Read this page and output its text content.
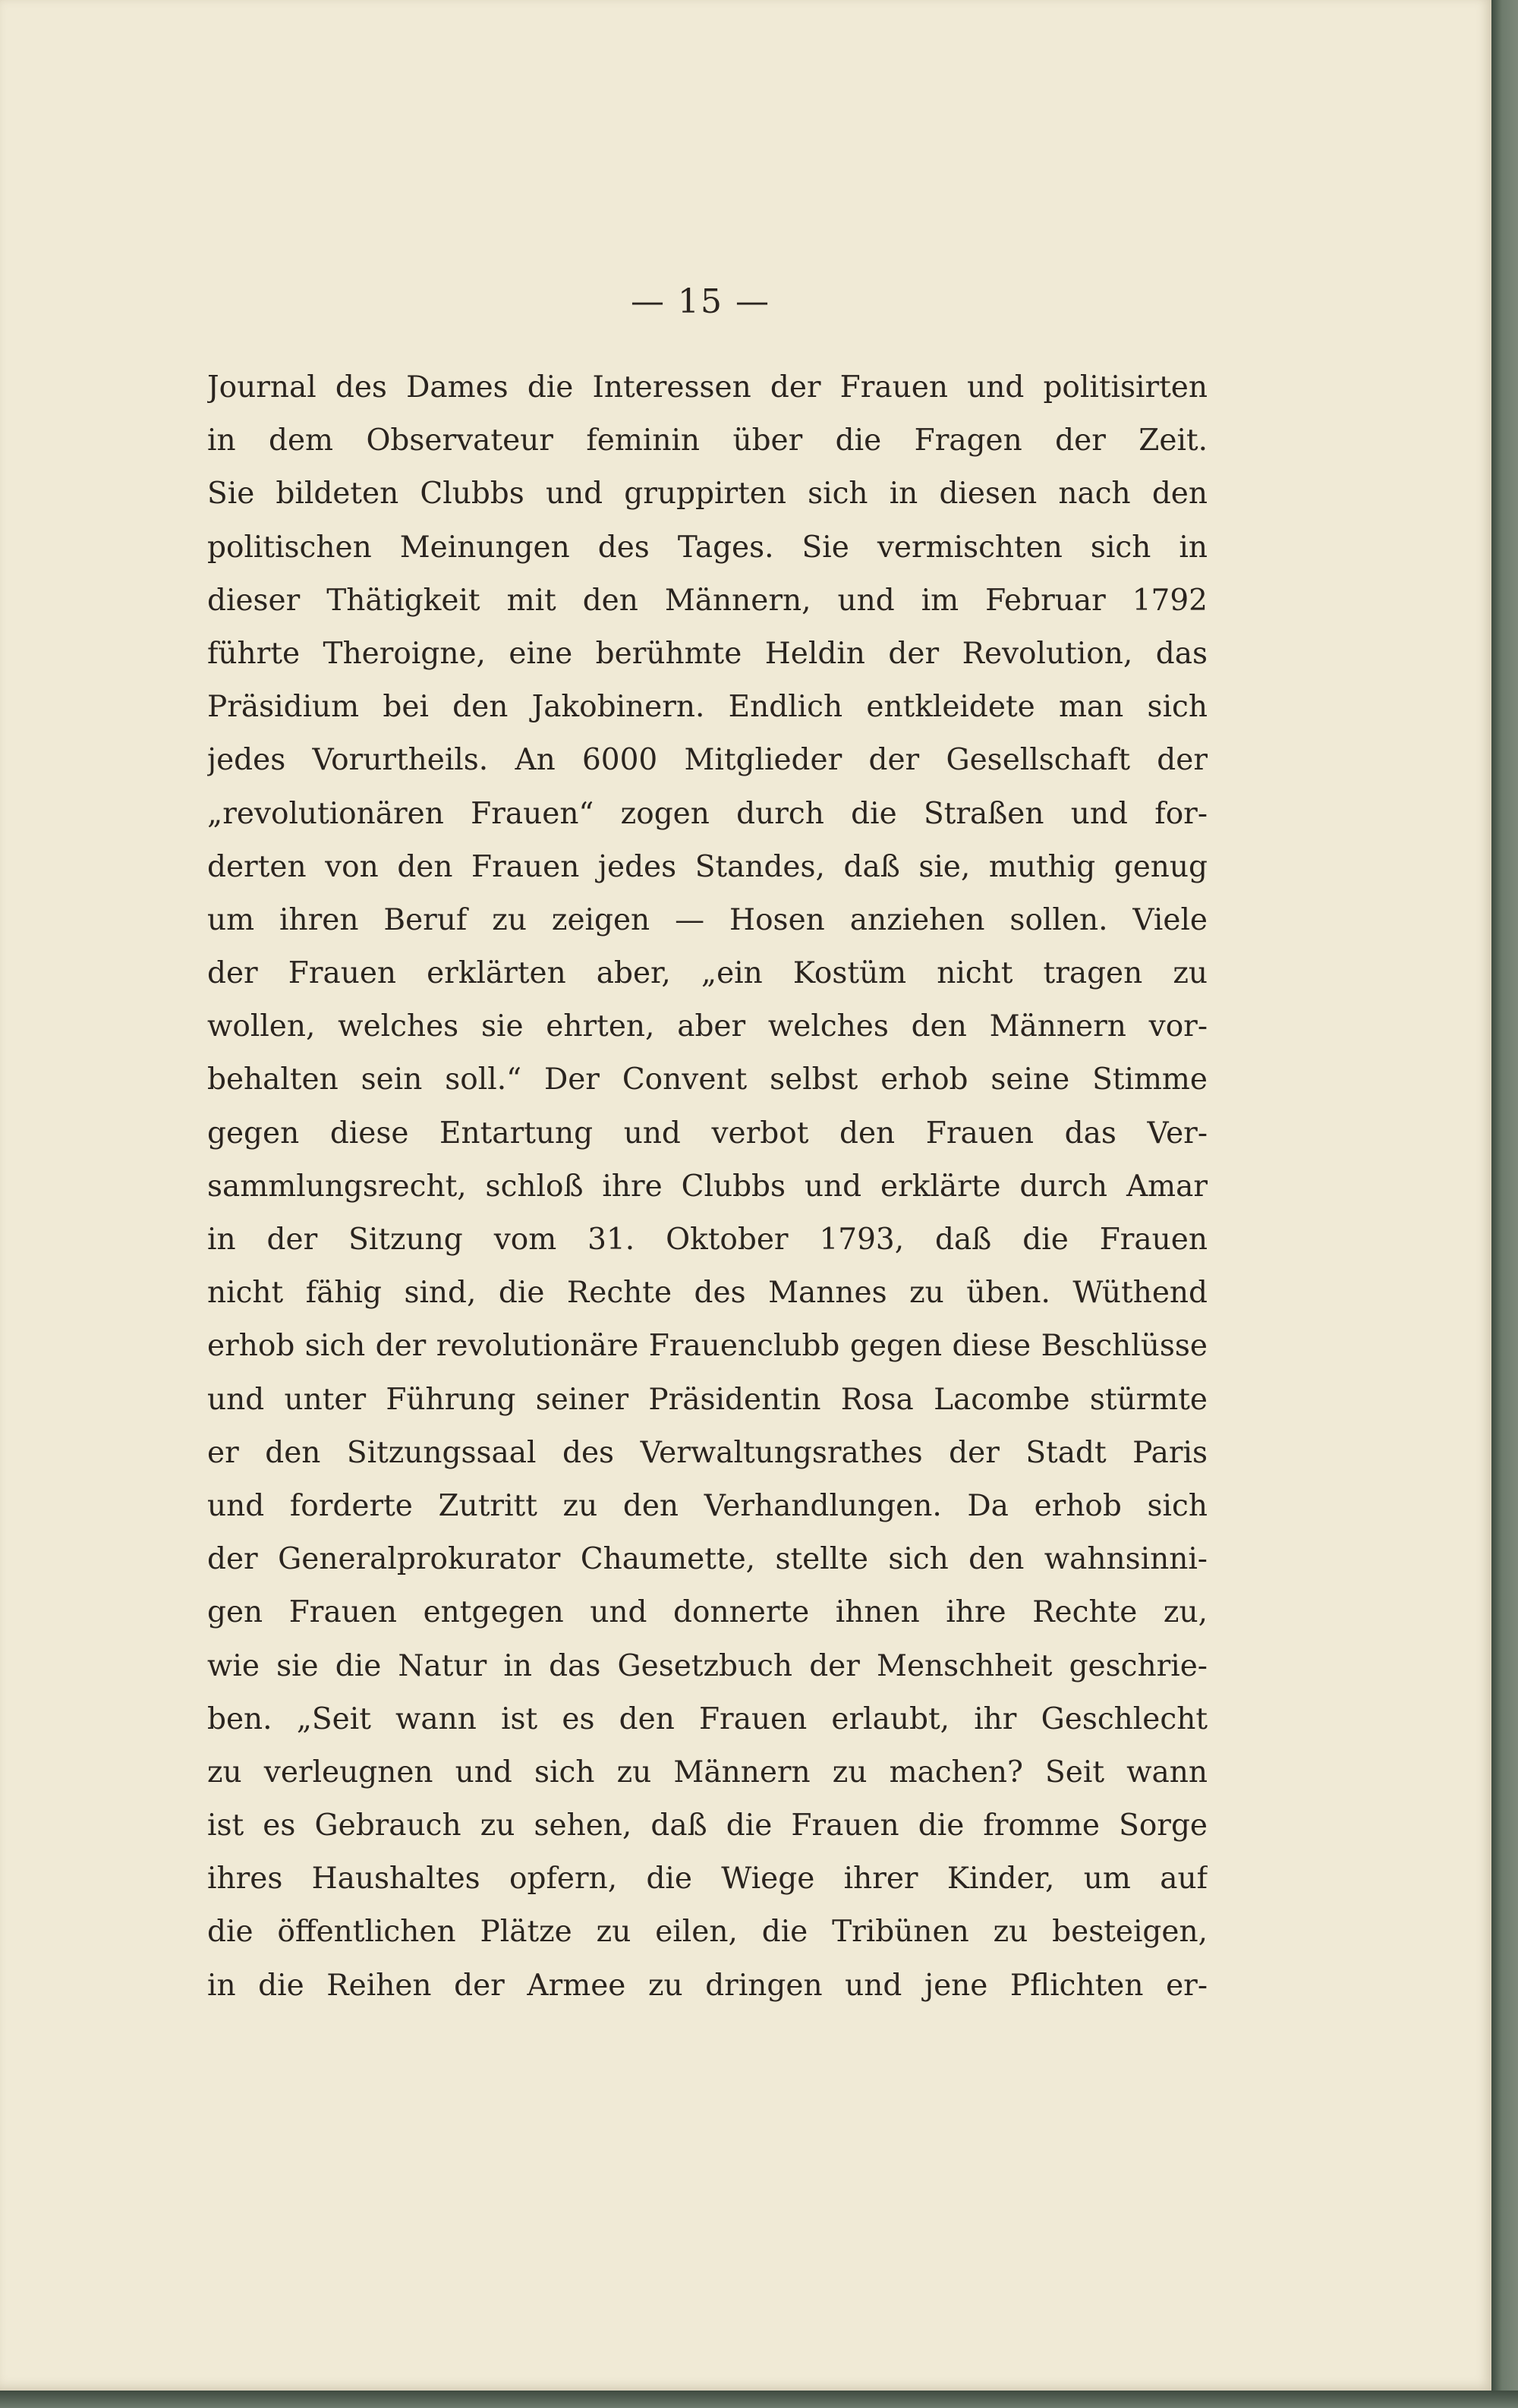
— 15 —
Journal des Dames die Interessen der Frauen und politisirten
in dem Observateur feminin über die Fragen der Zeit.
Sie bildeten Clubbs und gruppirten sich in diesen nach den
politischen Meinungen des Tages. Sie vermischten sich in
dieser Thätigkeit mit den Männern, und im Februar 1792
führte Theroigne, eine berühmte Heldin der Revolution, das
Präsidium bei den Jakobinern. Endlich entkleidete man sich
jedes Vorurtheils. An 6000 Mitglieder der Gesellschaft der
„revolutionären Frauen“ zogen durch die Straßen und for-
derten von den Frauen jedes Standes, daß sie, muthig genug
um ihren Beruf zu zeigen — Hosen anziehen sollen. Viele
der Frauen erklärten aber, „ein Kostüm nicht tragen zu
wollen, welches sie ehrten, aber welches den Männern vor-
behalten sein soll.“ Der Convent selbst erhob seine Stimme
gegen diese Entartung und verbot den Frauen das Ver-
sammlungsrecht, schloß ihre Clubbs und erklärte durch Amar
in der Sitzung vom 31. Oktober 1793, daß die Frauen
nicht fähig sind, die Rechte des Mannes zu üben. Wüthend
erhob sich der revolutionäre Frauenclubb gegen diese Beschlüsse
und unter Führung seiner Präsidentin Rosa Lacombe stürmte
er den Sitzungssaal des Verwaltungsrathes der Stadt Paris
und forderte Zutritt zu den Verhandlungen. Da erhob sich
der Generalprokurator Chaumette, stellte sich den wahnsinni-
gen Frauen entgegen und donnerte ihnen ihre Rechte zu,
wie sie die Natur in das Gesetzbuch der Menschheit geschrie-
ben. „Seit wann ist es den Frauen erlaubt, ihr Geschlecht
zu verleugnen und sich zu Männern zu machen? Seit wann
ist es Gebrauch zu sehen, daß die Frauen die fromme Sorge
ihres Haushaltes opfern, die Wiege ihrer Kinder, um auf
die öffentlichen Plätze zu eilen, die Tribünen zu besteigen,
in die Reihen der Armee zu dringen und jene Pflichten er-
